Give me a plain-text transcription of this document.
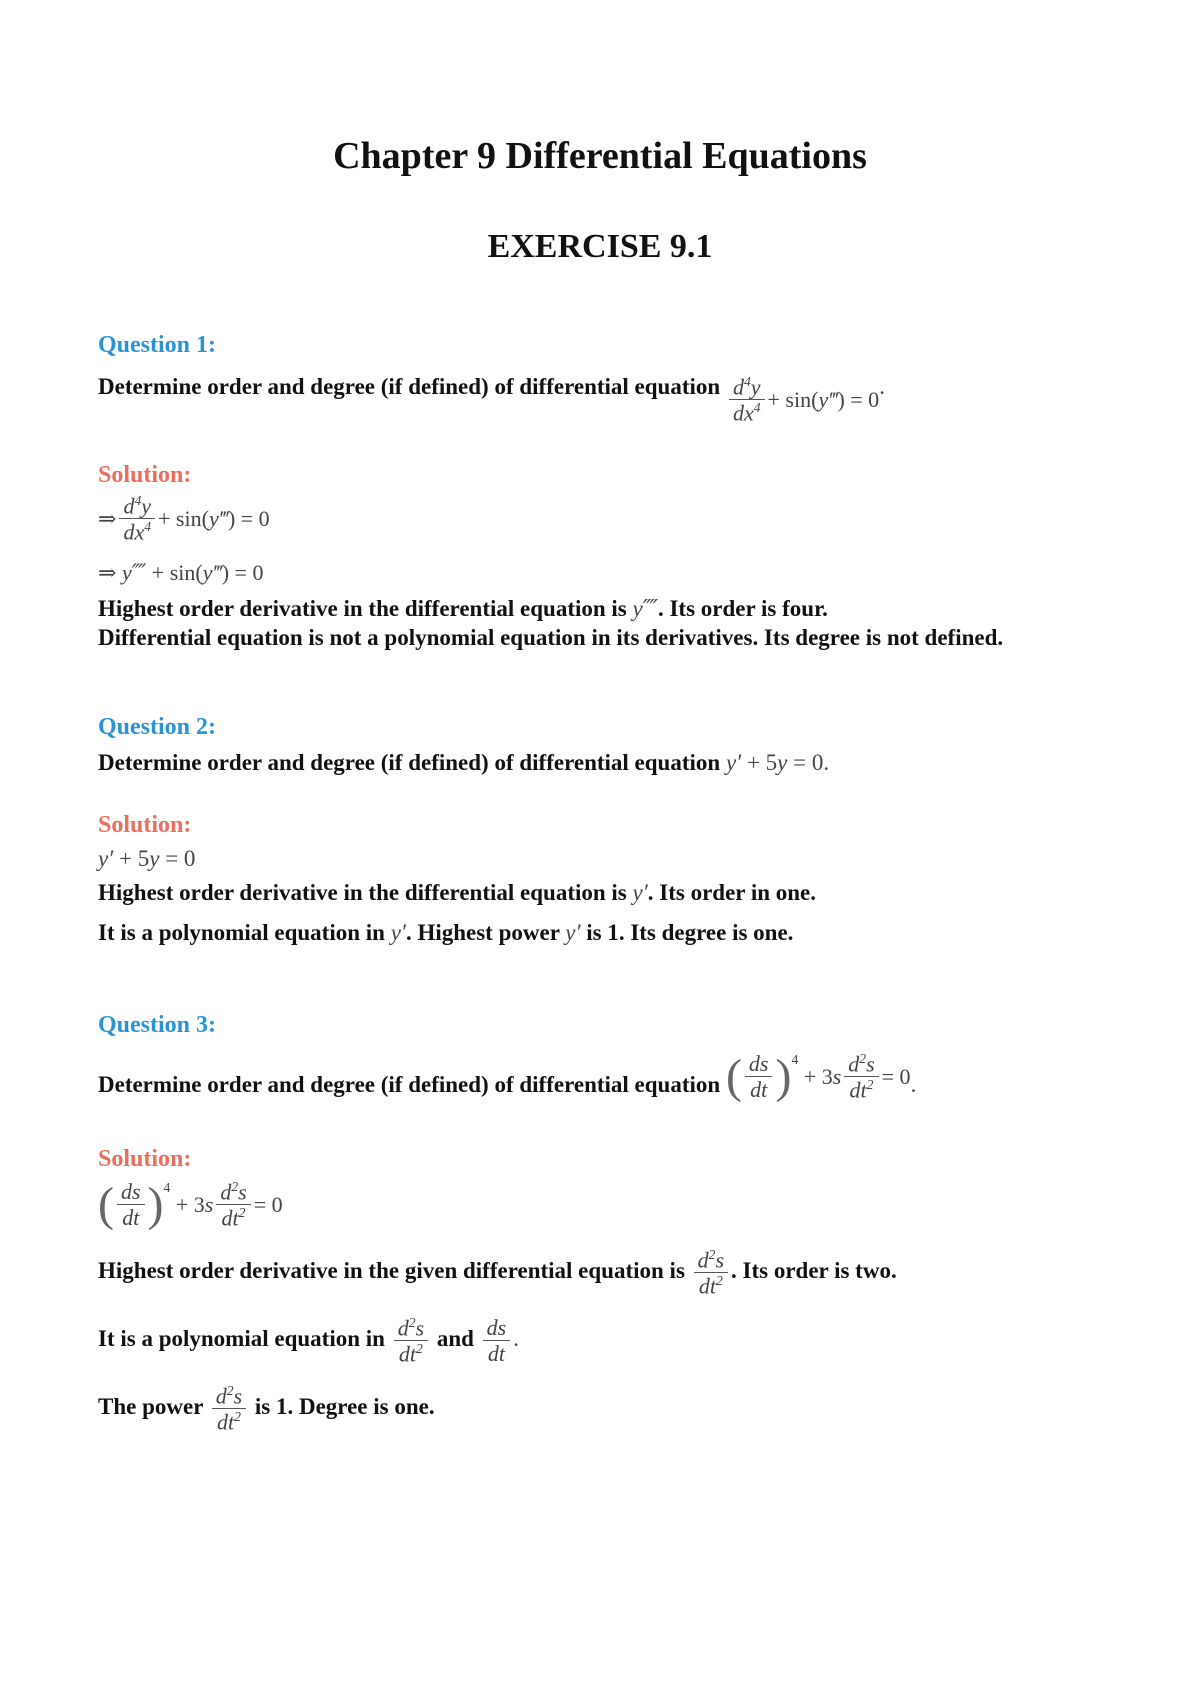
Chapter 9 Differential Equations
EXERCISE 9.1
Question 1:
Determine order and degree (if defined) of differential equation $\frac{d^4y}{dx^4} + \sin$( y‴ ) = 0
.
Solution:
⇒ $\frac{d^4y}{dx^4} + \sin$( y‴ ) = 0
⇒
y⁗ + sin( y‴ ) = 0
Highest order derivative in the differential equation is y⁗. Its order is four.
Differential equation is not a polynomial equation in its derivatives. Its degree is not defined.
Question 2:
Determine order and degree (if defined) of differential equation y′ + 5y = 0.
Solution:
y′ + 5y = 0
Highest order derivative in the differential equation is y′. Its order in one.
It is a polynomial equation in y′. Highest power y′ is 1. Its degree is one.
Question 3:
Determine order and degree (if defined) of differential equation ( $\frac{ds}{dt} )^4$
+ 3 s $\frac{d^2s}{dt^2} = 0$ .
Solution:
( $\frac{ds}{dt} )^4$
+ 3 s $\frac{d^2s}{dt^2} = 0$
Highest order derivative in the given differential equation is $\frac{d^2s}{dt^2}$ . Its order is two.
It is a polynomial equation in $\frac{d^2s}{dt^2}$ and $\frac{ds}{dt}$ .
The power $\frac{d^2s}{dt^2}$ is 1. Degree is one.
